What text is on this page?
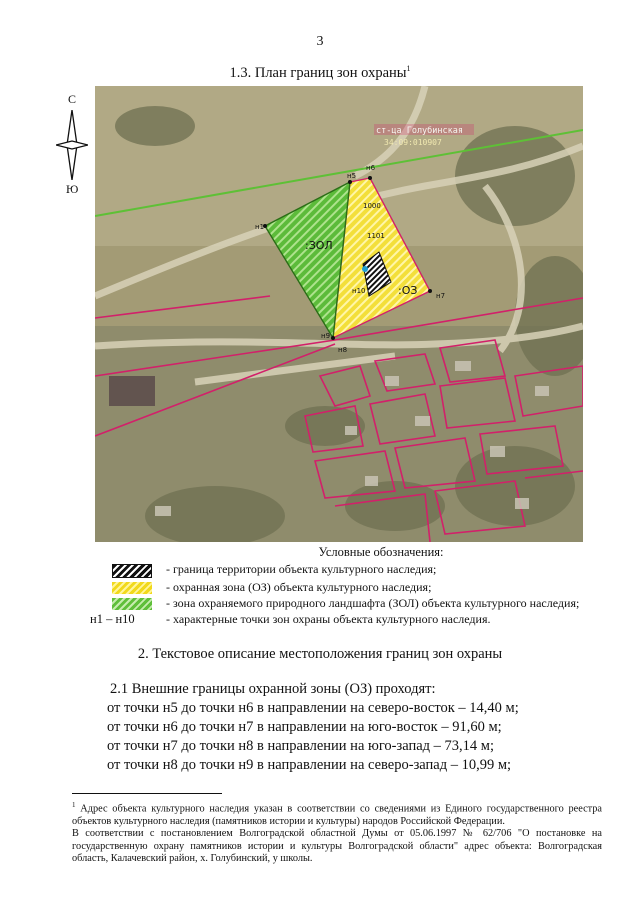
3
1.3. План границ зон охраны$^1$
С
Ю
ст-ца Голубинская
34:09:010907
:ЗОЛ
:ОЗ
1000
1101
н1
н5
н6
н7
н8
н9
н10
Условные обозначения:
- граница территории объекта культурного наследия;
- охранная зона (ОЗ) объекта культурного наследия;
- зона охраняемого природного ландшафта (ЗОЛ) объекта культурного наследия;
н1 – н10	- характерные точки зон охраны объекта культурного наследия.
2. Текстовое описание местоположения границ зон охраны
2.1 Внешние границы охранной зоны (ОЗ) проходят:
от точки н5 до точки н6 в направлении на северо-восток – 14,40 м;
от точки н6 до точки н7 в направлении на юго-восток – 91,60 м;
от точки н7 до точки н8 в направлении на юго-запад – 73,14 м;
от точки н8 до точки н9 в направлении на северо-запад – 10,99 м;
$^1$ Адрес объекта культурного наследия указан в соответствии со сведениями из Единого государственного реестра объектов культурного наследия (памятников истории и культуры) народов Российской Федерации.
В соответствии с постановлением Волгоградской областной Думы от 05.06.1997 № 62/706 "О постановке на государственную охрану памятников истории и культуры Волгоградской области" адрес объекта: Волгоградская область, Калачевский район, х. Голубинский, у школы.
